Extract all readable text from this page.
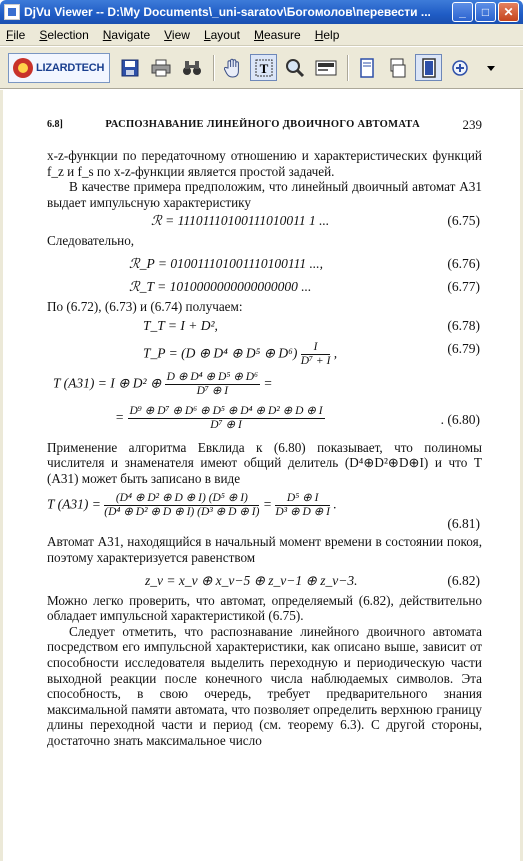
DjVu Viewer -- D:\My Documents\_uni-saratov\Богомолов\перевести ...	_	□	✕
File Selection Navigate View Layout Measure Help
LIZARDTECH	T
6.8]	РАСПОЗНАВАНИЕ ЛИНЕЙНОГО ДВОИЧНОГО АВТОМАТА	239

x-z-функции по передаточному отношению и характеристических функций f_z и f_s по x-z-функции является простой задачей.

В качестве примера предположим, что линейный двоичный автомат A31 выдает импульсную характеристику

ℛ = 11101110100111010011 1 ...	(6.75)

Следовательно,

ℛ_P = 010011101001110100111 ...,	(6.76)
ℛ_T = 1010000000000000000 ...	(6.77)

По (6.72), (6.73) и (6.74) получаем:

T_T = I + D²,	(6.78)
T_P = (D ⊕ D⁴ ⊕ D⁵ ⊕ $D^6) \frac{I}{\text{D⁷ + I}}$ ,	(6.79)
T (A31) = I ⊕ D² ⊕ $\frac{\text{D ⊕ D⁴ ⊕ D⁵ ⊕ D⁶}}{\text{D⁷ ⊕ I}}$ =
= $\frac{\text{D⁹ ⊕ D⁷ ⊕ D⁶ ⊕ D⁵ ⊕ D⁴ ⊕ D² ⊕ D ⊕ I}}{\text{D⁷ ⊕ I}}$	. (6.80)

Применение алгоритма Евклида к (6.80) показывает, что полиномы числителя и знаменателя имеют общий делитель (D⁴⊕D²⊕D⊕I) и что T (A31) может быть записано в виде

T $(A31) = \frac{\text{(D⁴ ⊕ D² ⊕ D ⊕ I) (D⁵ ⊕ I)}}{\text{(D⁴ ⊕ D² ⊕ D ⊕ I) (D³ ⊕ D ⊕ I)}} = \frac{\text{D⁵ ⊕ I}}{\text{D³ ⊕ D ⊕ I}}$ .
(6.81)

Автомат A31, находящийся в начальный момент времени в состоянии покоя, поэтому характеризуется равенством

z_v = x_v ⊕ x_v−5 ⊕ z_v−1 ⊕ z_v−3.	(6.82)

Можно легко проверить, что автомат, определяемый (6.82), действительно обладает импульсной характеристикой (6.75).

Следует отметить, что распознавание линейного двоичного автомата посредством его импульсной характеристики, как описано выше, зависит от способности исследователя выделить переходную и периодическую части выходной реакции после конечного числа наблюдаемых символов. Эта способность, в свою очередь, требует предварительного знания максимальной памяти автомата, что позволяет определить верхнюю границу длины переходной части и период (см. теорему 6.3). С другой стороны, достаточно знать максимальное число
